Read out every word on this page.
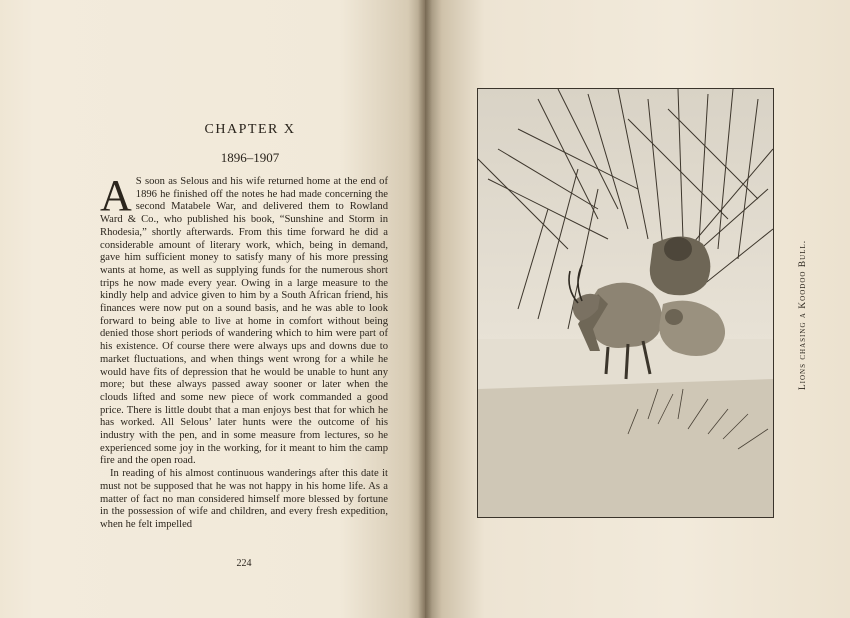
CHAPTER X
1896–1907

A S soon as Selous and his wife returned home at the end of 1896 he finished off the notes he had made concerning the second Matabele War, and delivered them to Rowland Ward & Co., who published his book, “Sunshine and Storm in Rhodesia,” shortly afterwards. From this time forward he did a considerable amount of literary work, which, being in demand, gave him sufficient money to satisfy many of his more pressing wants at home, as well as supplying funds for the numerous short trips he now made every year. Owing in a large measure to the kindly help and advice given to him by a South African friend, his finances were now put on a sound basis, and he was able to look forward to being able to live at home in comfort without being denied those short periods of wandering which to him were part of his existence. Of course there were always ups and downs due to market fluctuations, and when things went wrong for a while he would have fits of depression that he would be unable to hunt any more; but these always passed away sooner or later when the clouds lifted and some new piece of work commanded a good price. There is little doubt that a man enjoys best that for which he has worked. All Selous’ later hunts were the outcome of his industry with the pen, and in some measure from lectures, so he experienced some joy in the working, for it meant to him the camp fire and the open road.

In reading of his almost continuous wanderings after this date it must not be supposed that he was not happy in his home life. As a matter of fact no man considered himself more blessed by fortune in the possession of wife and children, and every fresh expedition, when he felt impelled

224
Lions chasing a Koodoo Bull.
